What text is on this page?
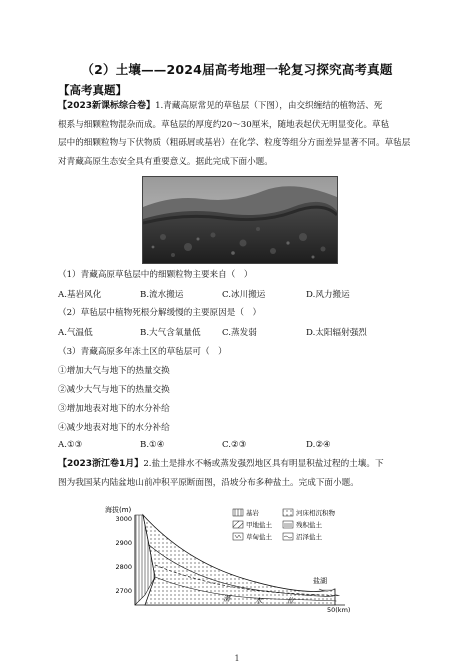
（2）土壤——2024届高考地理一轮复习探究高考真题
【高考真题】
【2023新课标综合卷】1.青藏高原常见的草毡层（下图），由交织缠结的植物活、死
根系与细颗粒物混杂而成。草毡层的厚度约20～30厘米，随地表起伏无明显变化。草毡
层中的细颗粒物与下伏物质（粗砾屑或基岩）在化学、粒度等组分方面差异显著不同。草毡层
对青藏高原生态安全具有重要意义。据此完成下面小题。
（1）青藏高原草毡层中的细颗粒物主要来自（　）
A.基岩风化	B.流水搬运	C.冰川搬运	D.风力搬运
（2）草毡层中植物死根分解缓慢的主要原因是（　）
A.气温低	B.大气含氧量低 C.蒸发弱	D.太阳辐射强烈
（3）青藏高原多年冻土区的草毡层可（　）
①增加大气与地下的热量交换
②减少大气与地下的热量交换
③增加地表对地下的水分补给
④减少地表对地下的水分补给
A.①③	B.①④	C.②③	D.②④
【2023浙江卷1月】2.盐土是排水不畅或蒸发强烈地区具有明显积盐过程的土壤。下
图为我国某内陆盆地山前冲积平原断面图，沿坡分布多种盐土。完成下面小题。
海拔(m)
3000
2900
2800
2700
潜	水	位
盐湖
50(km)
基岩	河床相沉积物
甲地盐土	残积盐土
草甸盐土	沼泽盐土
1
